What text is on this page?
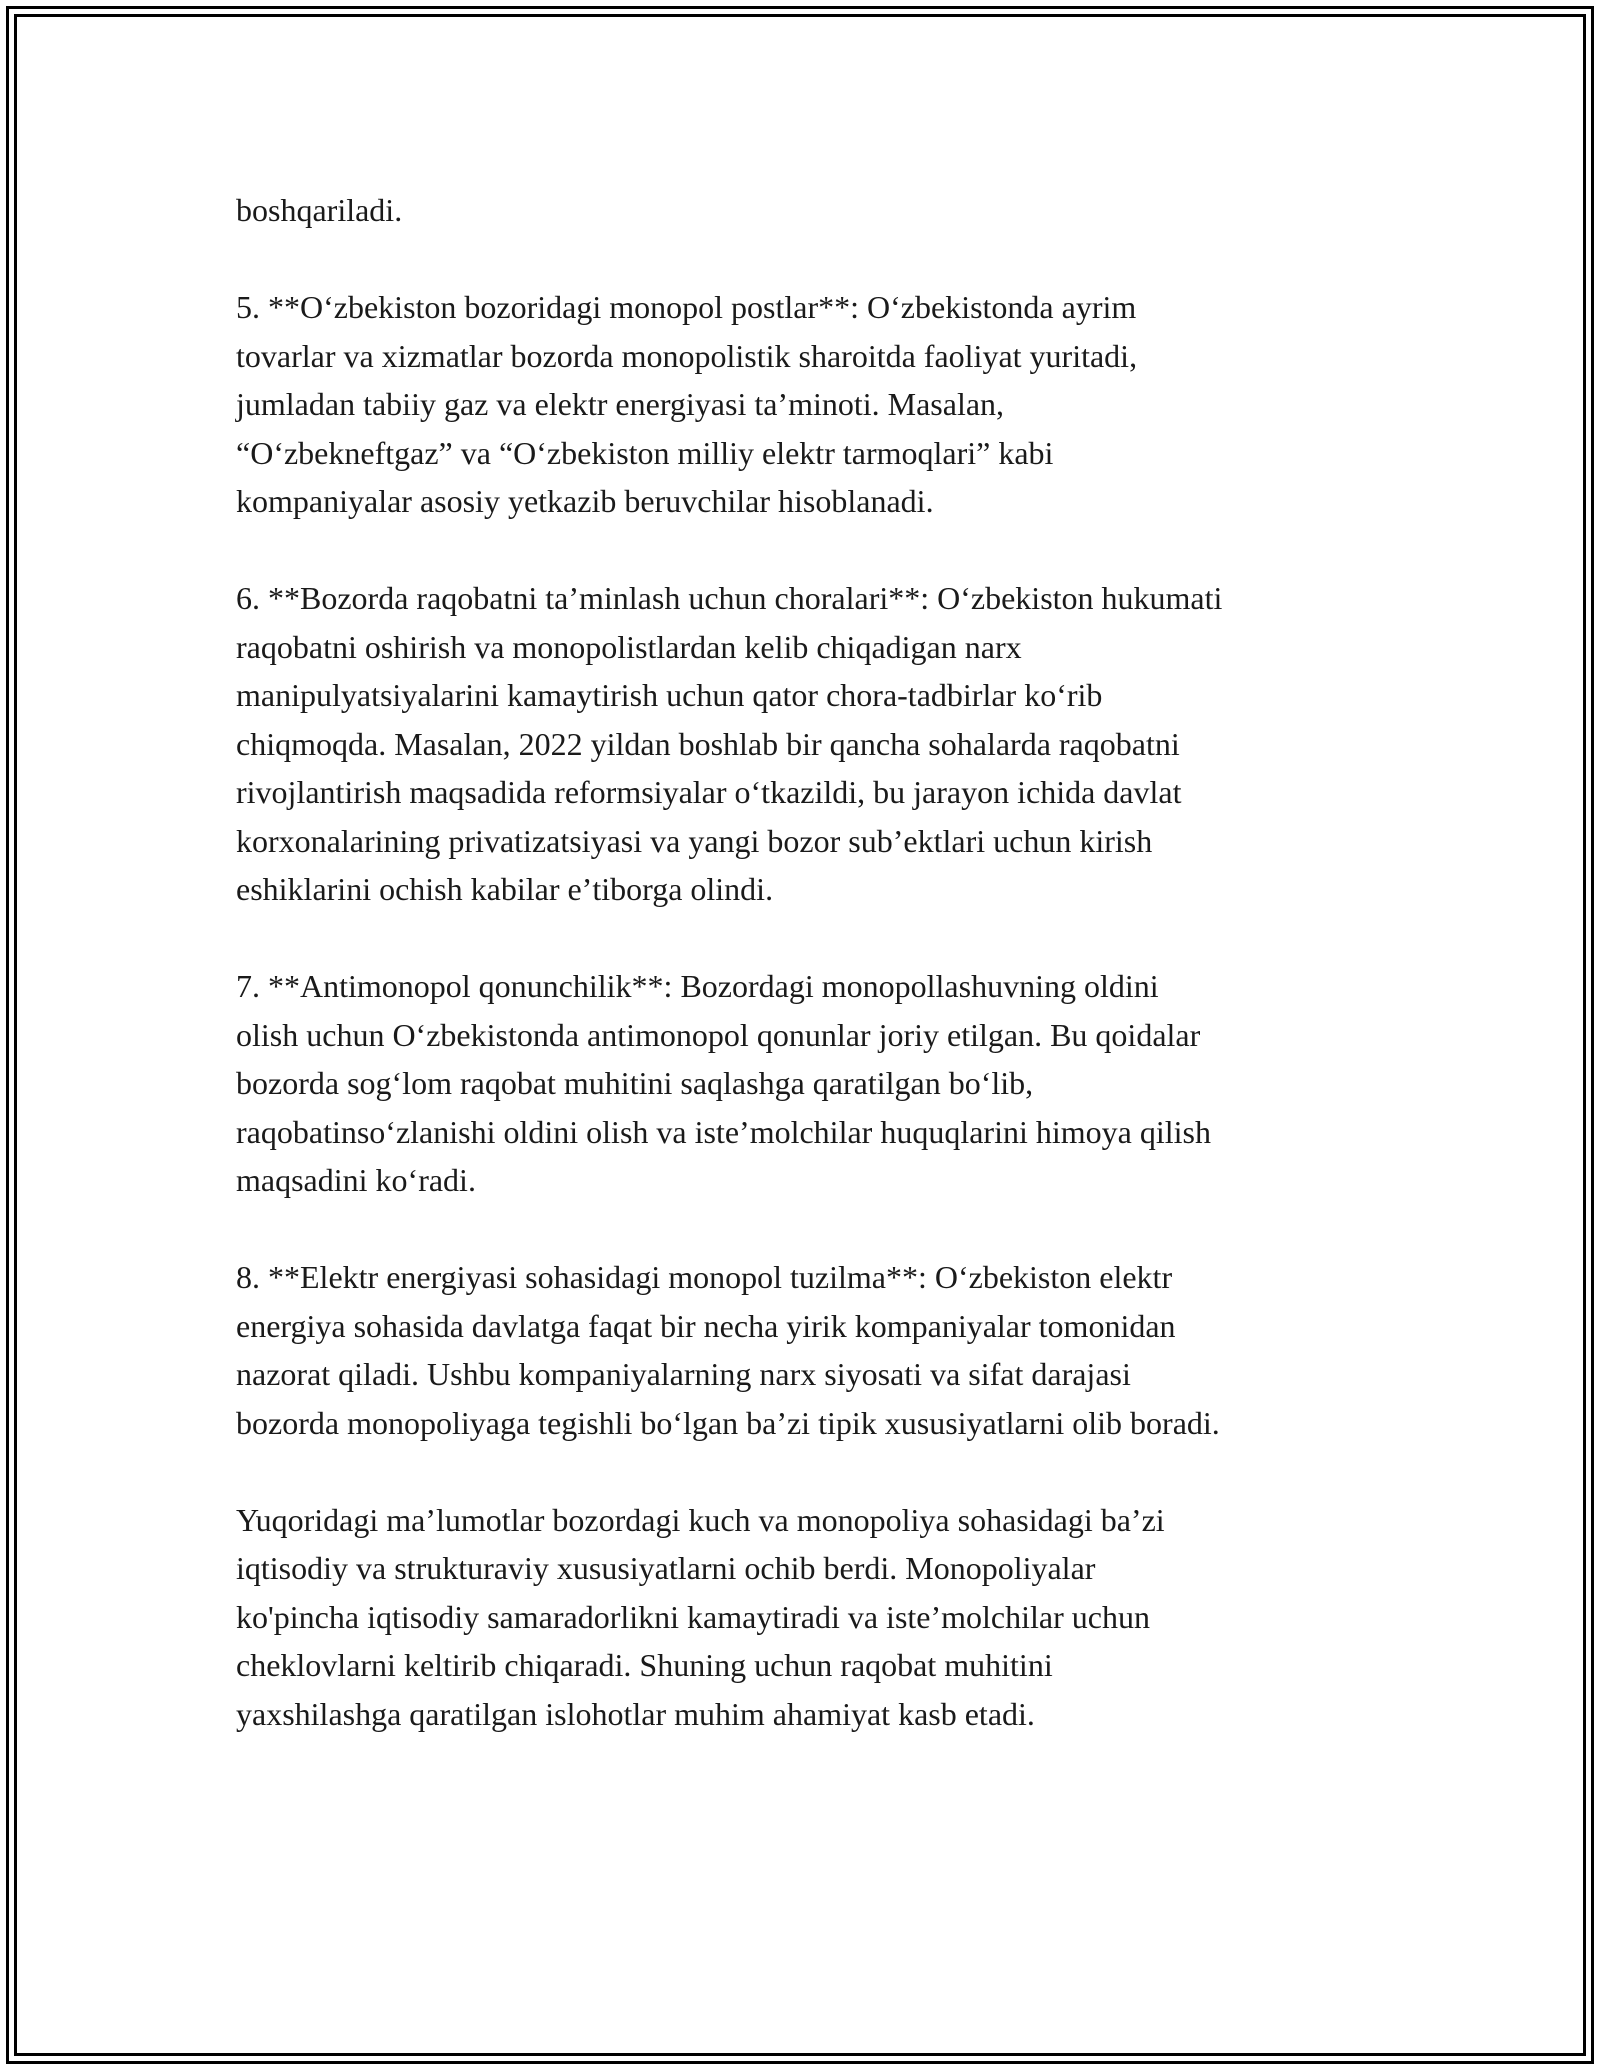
boshqariladi.

5. **Oʻzbekiston bozoridagi monopol postlar**: Oʻzbekistonda ayrim
tovarlar va xizmatlar bozorda monopolistik sharoitda faoliyat yuritadi,
jumladan tabiiy gaz va elektr energiyasi taʼminoti. Masalan,
“Oʻzbekneftgaz” va “Oʻzbekiston milliy elektr tarmoqlari” kabi
kompaniyalar asosiy yetkazib beruvchilar hisoblanadi.

6. **Bozorda raqobatni taʼminlash uchun choralari**: Oʻzbekiston hukumati
raqobatni oshirish va monopolistlardan kelib chiqadigan narx
manipulyatsiyalarini kamaytirish uchun qator chora-tadbirlar koʻrib
chiqmoqda. Masalan, 2022 yildan boshlab bir qancha sohalarda raqobatni
rivojlantirish maqsadida reformsiyalar oʻtkazildi, bu jarayon ichida davlat
korxonalarining privatizatsiyasi va yangi bozor subʼektlari uchun kirish
eshiklarini ochish kabilar eʼtiborga olindi.

7. **Antimonopol qonunchilik**: Bozordagi monopollashuvning oldini
olish uchun Oʻzbekistonda antimonopol qonunlar joriy etilgan. Bu qoidalar
bozorda sogʻlom raqobat muhitini saqlashga qaratilgan boʻlib,
raqobatinsoʻzlanishi oldini olish va isteʼmolchilar huquqlarini himoya qilish
maqsadini koʻradi.

8. **Elektr energiyasi sohasidagi monopol tuzilma**: Oʻzbekiston elektr
energiya sohasida davlatga faqat bir necha yirik kompaniyalar tomonidan
nazorat qiladi. Ushbu kompaniyalarning narx siyosati va sifat darajasi
bozorda monopoliyaga tegishli boʻlgan baʼzi tipik xususiyatlarni olib boradi.

Yuqoridagi maʼlumotlar bozordagi kuch va monopoliya sohasidagi baʼzi
iqtisodiy va strukturaviy xususiyatlarni ochib berdi. Monopoliyalar
ko'pincha iqtisodiy samaradorlikni kamaytiradi va isteʼmolchilar uchun
cheklovlarni keltirib chiqaradi. Shuning uchun raqobat muhitini
yaxshilashga qaratilgan islohotlar muhim ahamiyat kasb etadi.
